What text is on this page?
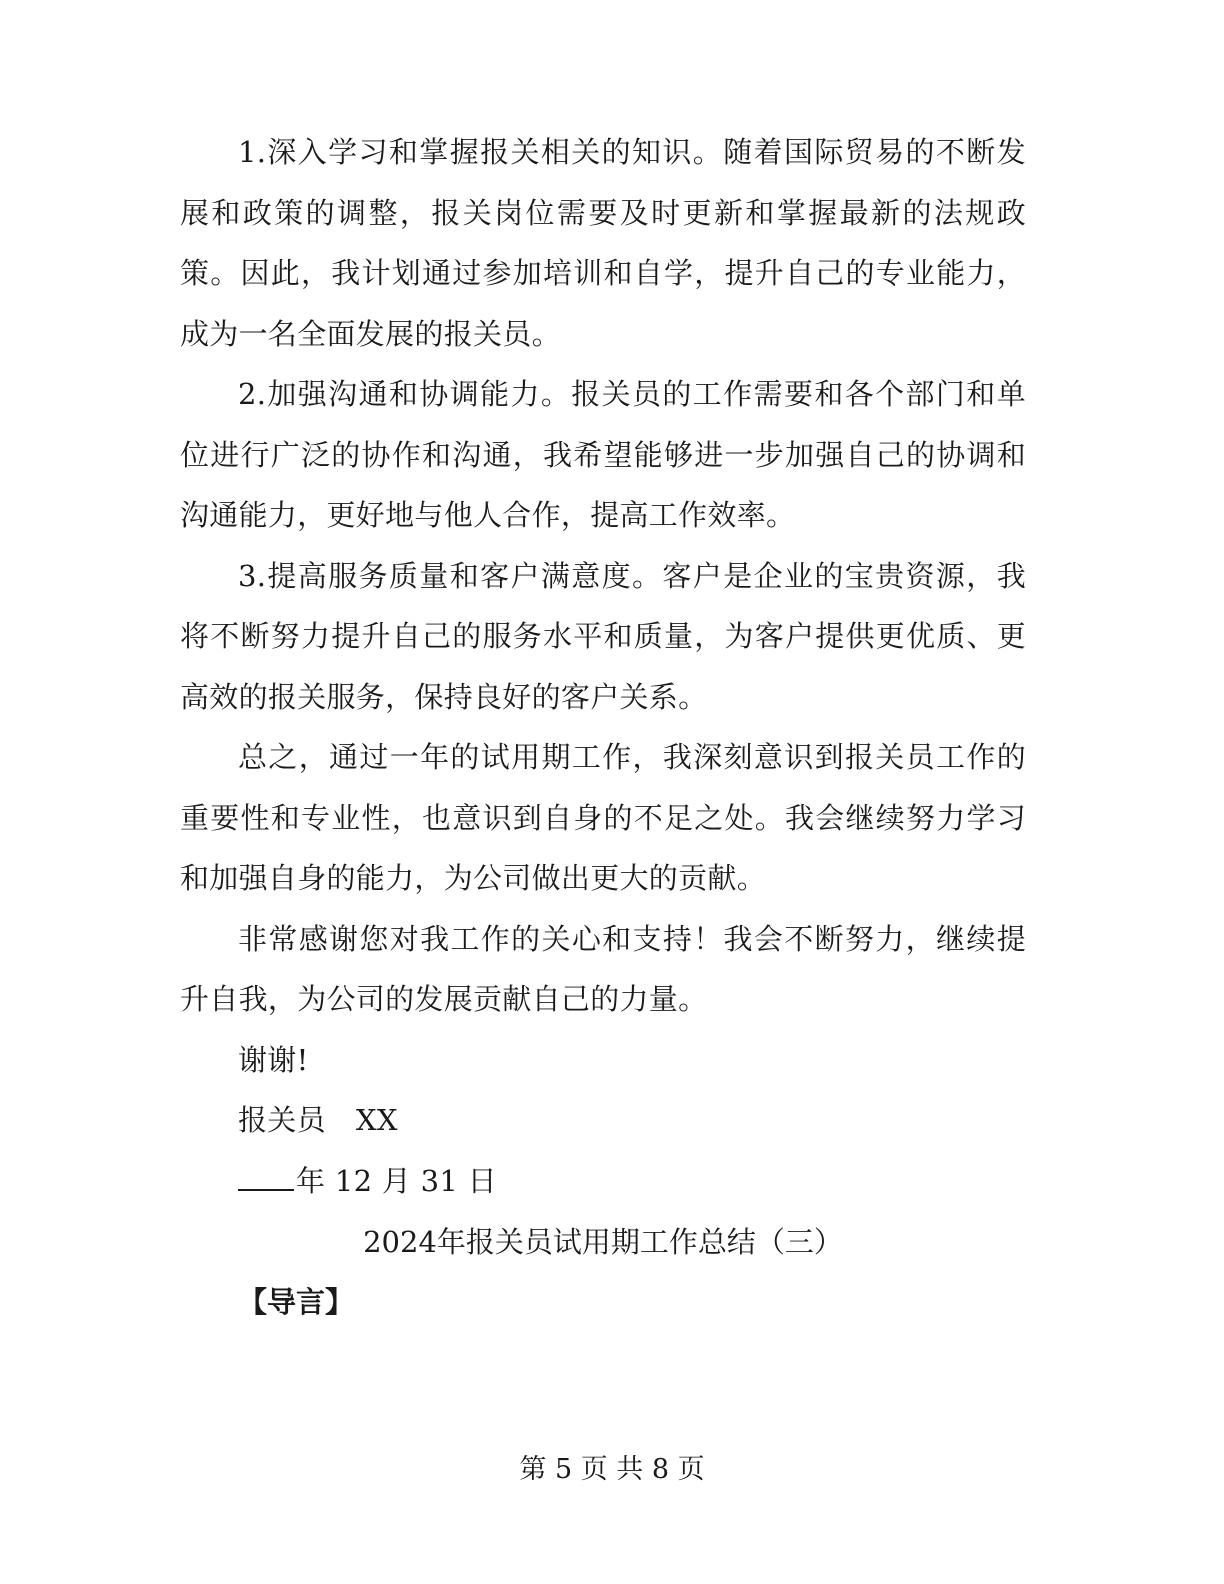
1.深入学习和掌握报关相关的知识。随着国际贸易的不断发展和政策的调整，报关岗位需要及时更新和掌握最新的法规政策。因此，我计划通过参加培训和自学，提升自己的专业能力，成为一名全面发展的报关员。

2.加强沟通和协调能力。报关员的工作需要和各个部门和单位进行广泛的协作和沟通，我希望能够进一步加强自己的协调和沟通能力，更好地与他人合作，提高工作效率。

3.提高服务质量和客户满意度。客户是企业的宝贵资源，我将不断努力提升自己的服务水平和质量，为客户提供更优质、更高效的报关服务，保持良好的客户关系。

总之，通过一年的试用期工作，我深刻意识到报关员工作的重要性和专业性，也意识到自身的不足之处。我会继续努力学习和加强自身的能力，为公司做出更大的贡献。

非常感谢您对我工作的关心和支持！我会不断努力，继续提升自我，为公司的发展贡献自己的力量。

谢谢!

报关员 XX

年 12 月 31 日

2024年报关员试用期工作总结（三）
【导言】
第 5 页 共 8 页
